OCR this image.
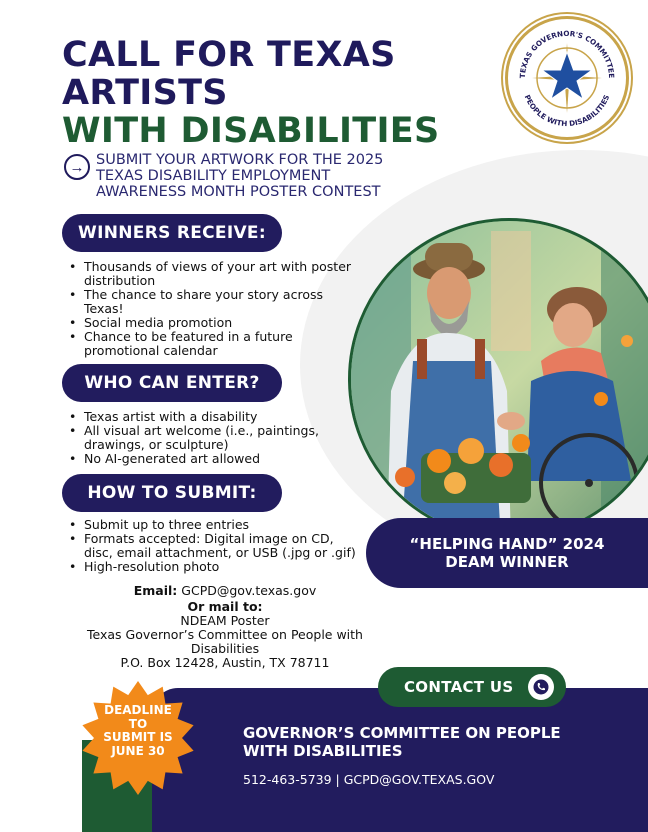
CALL FOR TEXAS
ARTISTS
WITH DISABILITIES
TEXAS GOVERNOR'S COMMITTEE
PEOPLE WITH DISABILITIES
→ SUBMIT YOUR ARTWORK FOR THE 2025
TEXAS DISABILITY EMPLOYMENT
AWARENESS MONTH POSTER CONTEST
WINNERS RECEIVE:
• Thousands of views of your art with poster distribution
• The chance to share your story across Texas!
• Social media promotion
• Chance to be featured in a future promotional calendar
WHO CAN ENTER?
• Texas artist with a disability
• All visual art welcome (i.e., paintings, drawings, or sculpture)
• No AI-generated art allowed
HOW TO SUBMIT:
• Submit up to three entries
• Formats accepted: Digital image on CD, disc, email attachment, or USB (.jpg or .gif)
• High-resolution photo
“HELPING HAND” 2024
DEAM WINNER
Email: GCPD@gov.texas.gov
Or mail to:
NDEAM Poster
Texas Governor’s Committee on People with Disabilities
P.O. Box 12428, Austin, TX 78711
DEADLINE
TO
SUBMIT IS
JUNE 30
CONTACT US
GOVERNOR’S COMMITTEE ON PEOPLE
WITH DISABILITIES
512-463-5739 | GCPD@GOV.TEXAS.GOV
